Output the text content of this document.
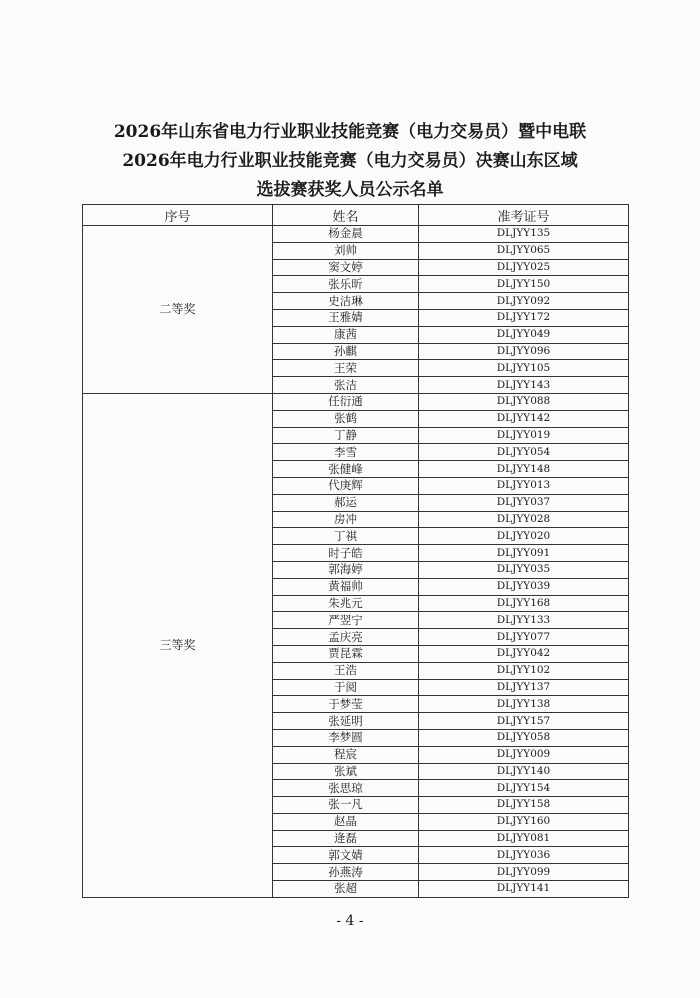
2026年山东省电力行业职业技能竞赛（电力交易员）暨中电联
2026年电力行业职业技能竞赛（电力交易员）决赛山东区域
选拔赛获奖人员公示名单
序号	姓名	准考证号
二等奖	杨金晨	DLJYY135
	刘帅	DLJYY065
	窦文婷	DLJYY025
	张乐昕	DLJYY150
	史洁琳	DLJYY092
	王雅婧	DLJYY172
	康茜	DLJYY049
	孙麒	DLJYY096
	王荣	DLJYY105
	张洁	DLJYY143
三等奖	任衍通	DLJYY088
	张鹤	DLJYY142
	丁静	DLJYY019
	李雪	DLJYY054
	张健峰	DLJYY148
	代庚辉	DLJYY013
	郝运	DLJYY037
	房冲	DLJYY028
	丁祺	DLJYY020
	时子皓	DLJYY091
	郭海婷	DLJYY035
	黄福帅	DLJYY039
	朱兆元	DLJYY168
	严翌宁	DLJYY133
	孟庆亮	DLJYY077
	贾昆霖	DLJYY042
	王浩	DLJYY102
	于阅	DLJYY137
	于梦莹	DLJYY138
	张延明	DLJYY157
	李梦圆	DLJYY058
	程宸	DLJYY009
	张斌	DLJYY140
	张思琼	DLJYY154
	张一凡	DLJYY158
	赵晶	DLJYY160
	逄磊	DLJYY081
	郭文婧	DLJYY036
	孙燕涛	DLJYY099
	张超	DLJYY141
- 4 -
